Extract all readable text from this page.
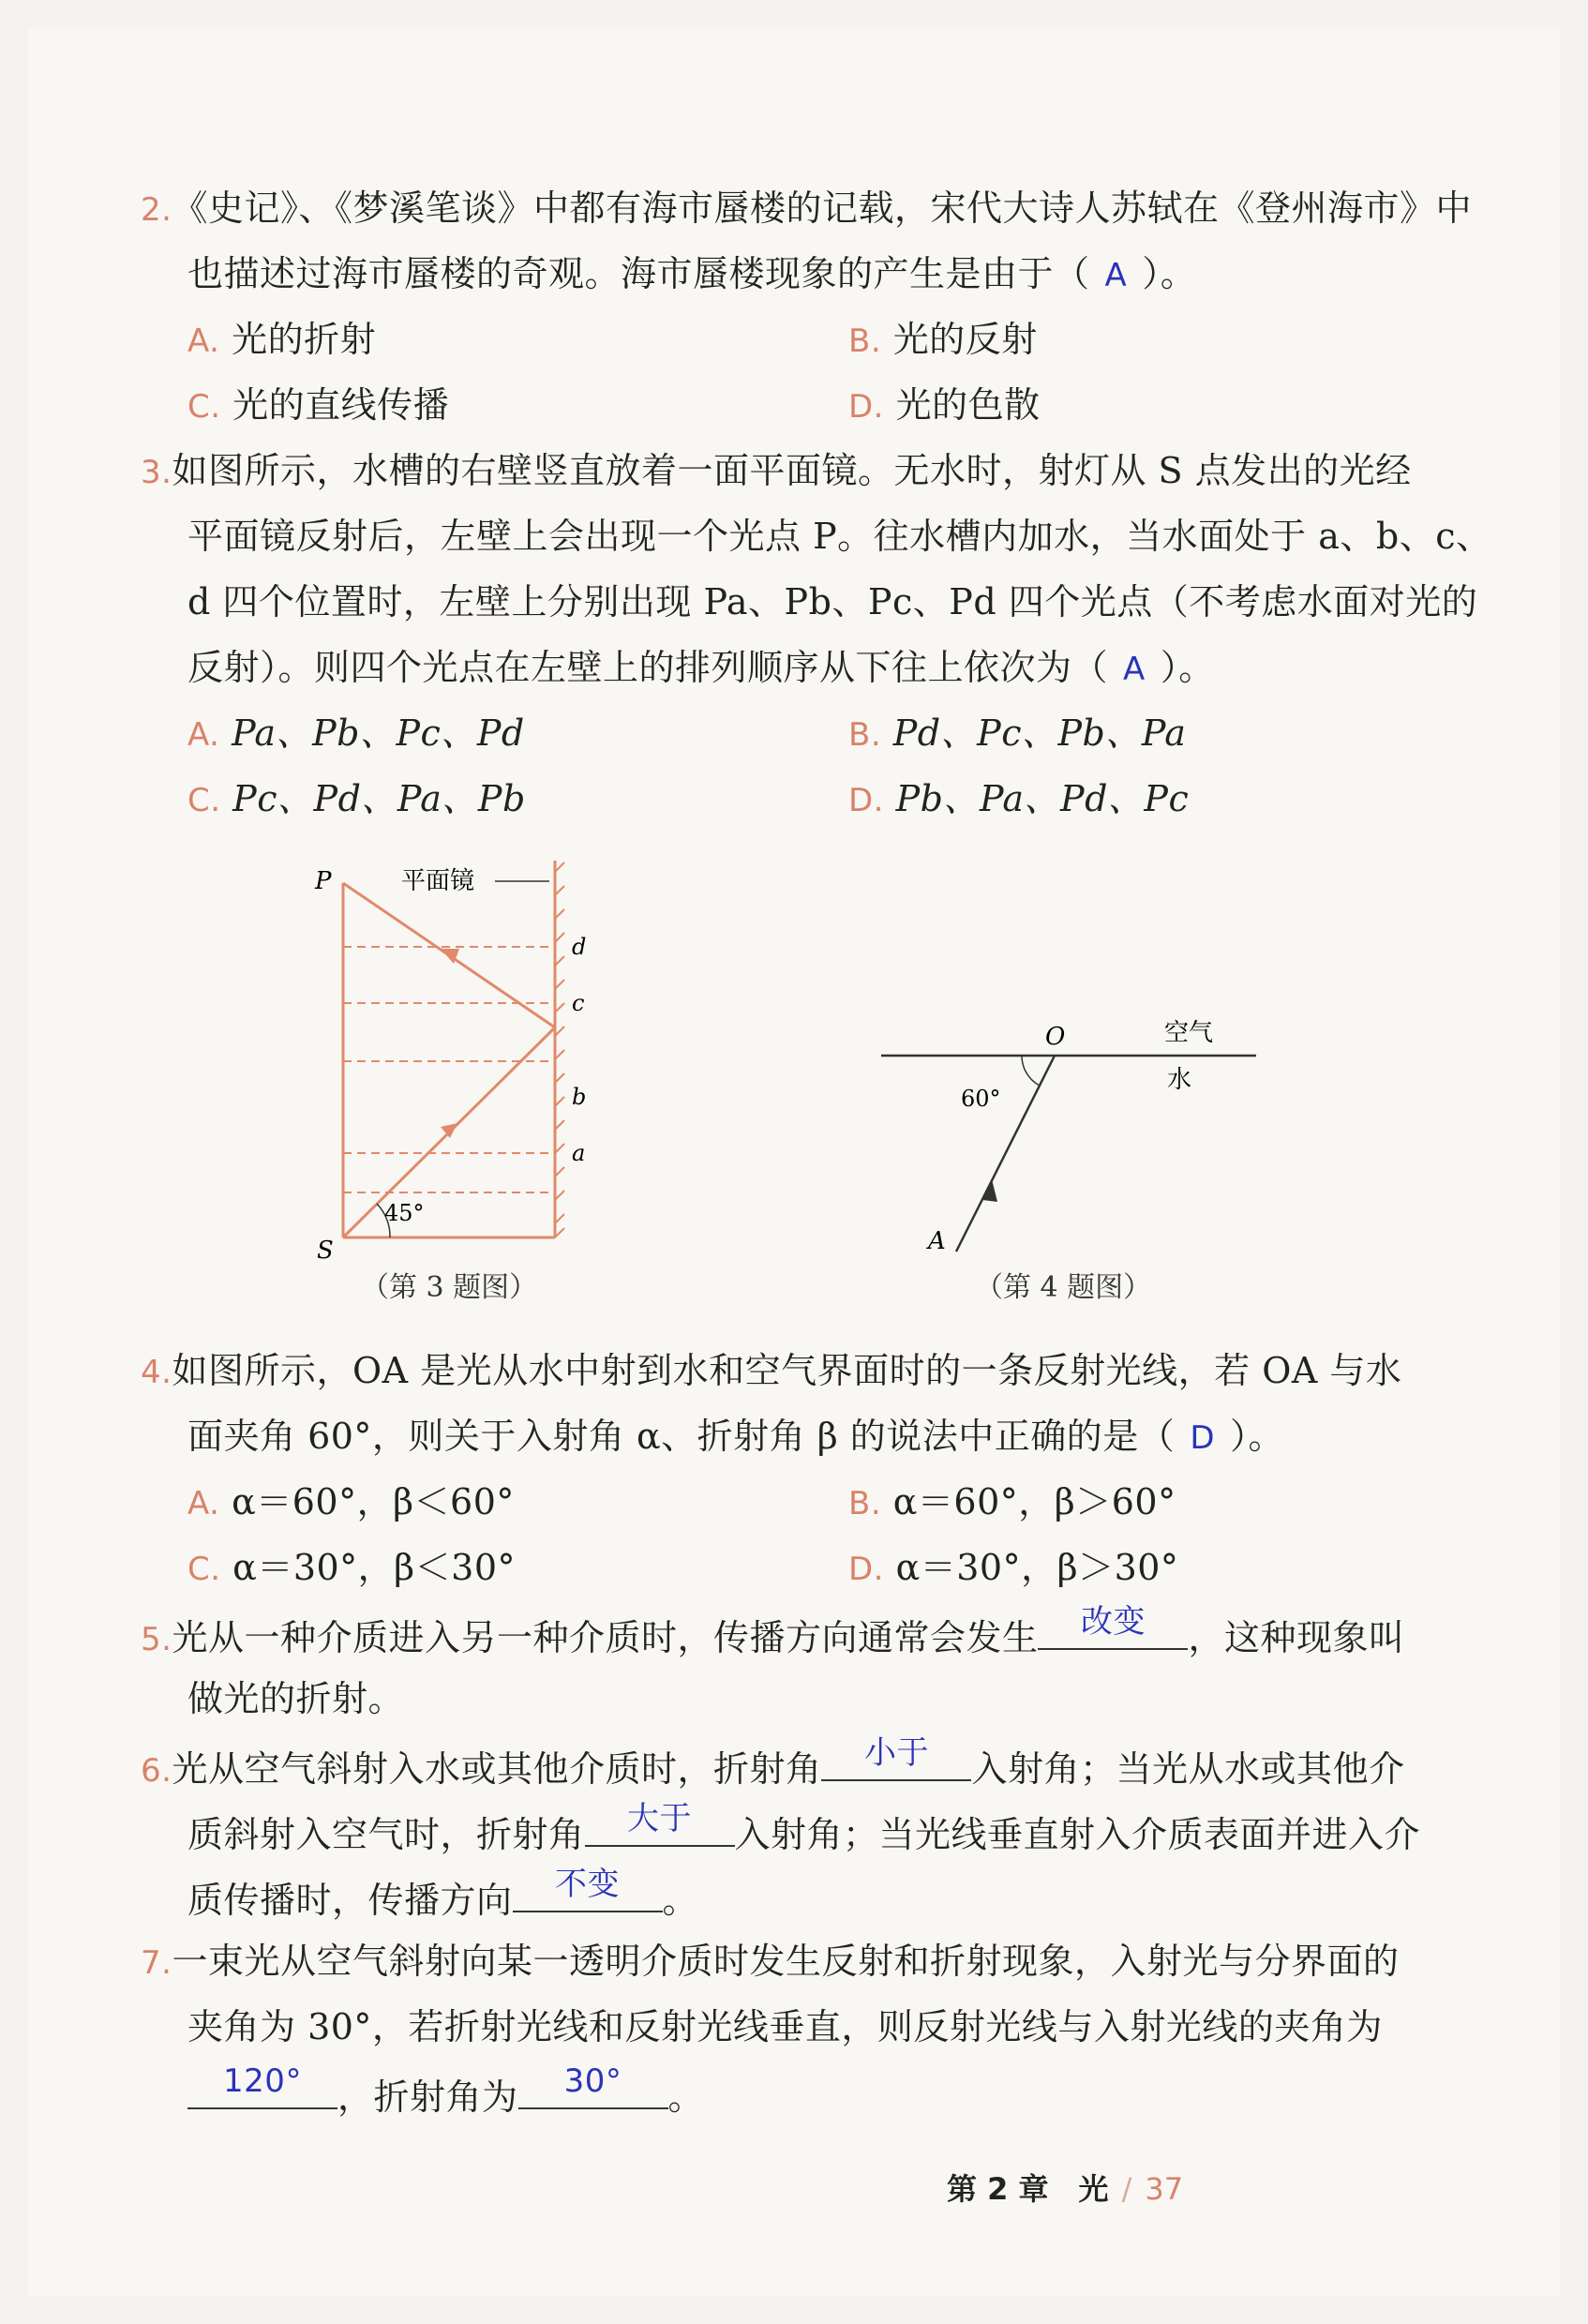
2.《史记》、《梦溪笔谈》中都有海市蜃楼的记载，宋代大诗人苏轼在《登州海市》中
也描述过海市蜃楼的奇观。海市蜃楼现象的产生是由于（ A ）。
A. 光的折射	B. 光的反射
C. 光的直线传播	D. 光的色散
3.如图所示，水槽的右壁竖直放着一面平面镜。无水时，射灯从 S 点发出的光经
平面镜反射后，左壁上会出现一个光点 P。往水槽内加水，当水面处于 a、b、c、
d 四个位置时，左壁上分别出现 Pa、Pb、Pc、Pd 四个光点（不考虑水面对光的
反射）。则四个光点在左壁上的排列顺序从下往上依次为（ A ）。
A. Pa、Pb、Pc、Pd	B. Pd、Pc、Pb、Pa
C. Pc、Pd、Pa、Pb	D. Pb、Pa、Pd、Pc
P	平面镜
d
c
b
a
S
45°
（第 3 题图）
O	空气
水
60°
A
（第 4 题图）
4.如图所示，OA 是光从水中射到水和空气界面时的一条反射光线，若 OA 与水
面夹角 60°，则关于入射角 α、折射角 β 的说法中正确的是（ D ）。
A. α＝60°，β＜60°	B. α＝60°，β＞60°
C. α＝30°，β＜30°	D. α＝30°，β＞30°
5.光从一种介质进入另一种介质时，传播方向通常会发生	改变	，这种现象叫
做光的折射。
6.光从空气斜射入水或其他介质时，折射角	小于	入射角；当光从水或其他介
质斜射入空气时，折射角	大于	入射角；当光线垂直射入介质表面并进入介
质传播时，传播方向	不变	。
7.一束光从空气斜射向某一透明介质时发生反射和折射现象，入射光与分界面的
夹角为 30°，若折射光线和反射光线垂直，则反射光线与入射光线的夹角为
120°	，折射角为	30°	。
第 2 章　光 / 37
